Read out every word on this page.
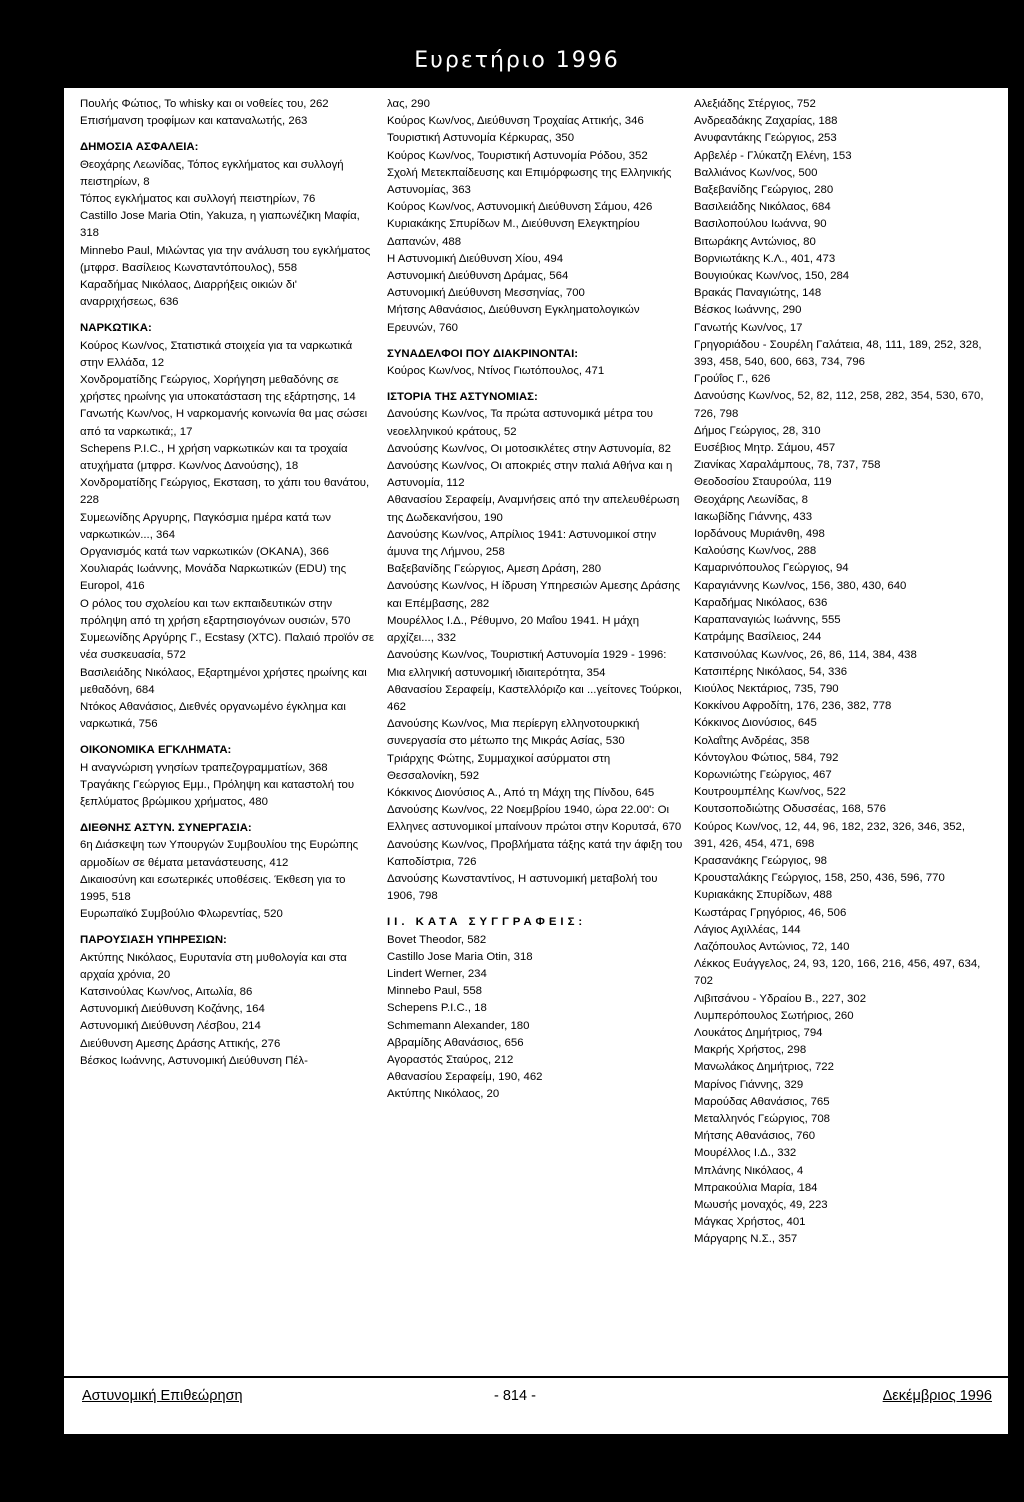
Ευρετήριο 1996

Πουλής Φώτιος, Το whisky και οι νοθείες του, 262

Επισήμανση τροφίμων και καταναλωτής, 263

ΔΗΜΟΣΙΑ ΑΣΦΑΛΕΙΑ:

Θεοχάρης Λεωνίδας, Τόπος εγκλήματος και συλλογή πειστηρίων, 8

Τόπος εγκλήματος και συλλογή πειστηρίων, 76

Castillo Jose Maria Otin, Yakuza, η γιαπωνέζικη Μαφία, 318

Minnebo Paul, Μιλώντας για την ανάλυση του εγκλήματος (μτφρσ. Βασίλειος Κωνσταντόπουλος), 558

Καραδήμας Νικόλαος, Διαρρήξεις οικιών δι' αναρριχήσεως, 636

ΝΑΡΚΩΤΙΚΑ:

Κούρος Κων/νος, Στατιστικά στοιχεία για τα ναρκωτικά στην Ελλάδα, 12

Χονδροματίδης Γεώργιος, Χορήγηση μεθαδόνης σε χρήστες ηρωίνης για υποκατάσταση της εξάρτησης, 14

Γανωτής Κων/νος, Η ναρκομανής κοινωνία θα μας σώσει από τα ναρκωτικά;, 17

Schepens P.I.C., Η χρήση ναρκωτικών και τα τροχαία ατυχήματα (μτφρσ. Κων/νος Δανούσης), 18

Χονδροματίδης Γεώργιος, Εκσταση, το χάπι του θανάτου, 228

Συμεωνίδης Αργυρης, Παγκόσμια ημέρα κατά των ναρκωτικών..., 364

Οργανισμός κατά των ναρκωτικών (ΟΚΑΝΑ), 366

Χουλιαράς Ιωάννης, Μονάδα Ναρκωτικών (EDU) της Europol, 416

Ο ρόλος του σχολείου και των εκπαιδευτικών στην πρόληψη από τη χρήση εξαρτησιογόνων ουσιών, 570

Συμεωνίδης Αργύρης Γ., Ecstasy (XTC). Παλαιό προϊόν σε νέα συσκευασία, 572

Βασιλειάδης Νικόλαος, Εξαρτημένοι χρήστες ηρωίνης και μεθαδόνη, 684

Ντόκος Αθανάσιος, Διεθνές οργανωμένο έγκλημα και ναρκωτικά, 756

ΟΙΚΟΝΟΜΙΚΑ ΕΓΚΛΗΜΑΤΑ:

Η αναγνώριση γνησίων τραπεζογραμματίων, 368

Τραγάκης Γεώργιος Εμμ., Πρόληψη και καταστολή του ξεπλύματος βρώμικου χρήματος, 480

ΔΙΕΘΝΗΣ ΑΣΤΥΝ. ΣΥΝΕΡΓΑΣΙΑ:

6η Διάσκεψη των Υπουργών Συμβουλίου της Ευρώπης αρμοδίων σε θέματα μετανάστευσης, 412

Δικαιοσύνη και εσωτερικές υποθέσεις. Έκθεση για το 1995, 518

Ευρωπαϊκό Συμβούλιο Φλωρεντίας, 520

ΠΑΡΟΥΣΙΑΣΗ ΥΠΗΡΕΣΙΩΝ:

Ακτύπης Νικόλαος, Ευρυτανία στη μυθολογία και στα αρχαία χρόνια, 20

Κατσινούλας Κων/νος, Αιτωλία, 86

Αστυνομική Διεύθυνση Κοζάνης, 164

Αστυνομική Διεύθυνση Λέσβου, 214

Διεύθυνση Αμεσης Δράσης Αττικής, 276

Βέσκος Ιωάννης, Αστυνομική Διεύθυνση Πέλ-

λας, 290

Κούρος Κων/νος, Διεύθυνση Τροχαίας Αττικής, 346

Τουριστική Αστυνομία Κέρκυρας, 350

Κούρος Κων/νος, Τουριστική Αστυνομία Ρόδου, 352

Σχολή Μετεκπαίδευσης και Επιμόρφωσης της Ελληνικής Αστυνομίας, 363

Κούρος Κων/νος, Αστυνομική Διεύθυνση Σάμου, 426

Κυριακάκης Σπυρίδων Μ., Διεύθυνση Ελεγκτηρίου Δαπανών, 488

Η Αστυνομική Διεύθυνση Χίου, 494

Αστυνομική Διεύθυνση Δράμας, 564

Αστυνομική Διεύθυνση Μεσσηνίας, 700

Μήτσης Αθανάσιος, Διεύθυνση Εγκληματολογικών Ερευνών, 760

ΣΥΝΑΔΕΛΦΟΙ ΠΟΥ ΔΙΑΚΡΙΝΟΝΤΑΙ:

Κούρος Κων/νος, Ντίνος Γιωτόπουλος, 471

ΙΣΤΟΡΙΑ ΤΗΣ ΑΣΤΥΝΟΜΙΑΣ:

Δανούσης Κων/νος, Τα πρώτα αστυνομικά μέτρα του νεοελληνικού κράτους, 52

Δανούσης Κων/νος, Οι μοτοσικλέτες στην Αστυνομία, 82

Δανούσης Κων/νος, Οι αποκριές στην παλιά Αθήνα και η Αστυνομία, 112

Αθανασίου Σεραφείμ, Αναμνήσεις από την απελευθέρωση της Δωδεκανήσου, 190

Δανούσης Κων/νος, Απρίλιος 1941: Αστυνομικοί στην άμυνα της Λήμνου, 258

Βαξεβανίδης Γεώργιος, Αμεση Δράση, 280

Δανούσης Κων/νος, Η ίδρυση Υπηρεσιών Αμεσης Δράσης και Επέμβασης, 282

Μουρέλλος Ι.Δ., Ρέθυμνο, 20 Μαΐου 1941. Η μάχη αρχίζει..., 332

Δανούσης Κων/νος, Τουριστική Αστυνομία 1929 - 1996: Μια ελληνική αστυνομική ιδιαιτερότητα, 354

Αθανασίου Σεραφείμ, Καστελλόριζο και ...γείτονες Τούρκοι, 462

Δανούσης Κων/νος, Μια περίεργη ελληνοτουρκική συνεργασία στο μέτωπο της Μικράς Ασίας, 530

Τριάρχης Φώτης, Συμμαχικοί ασύρματοι στη Θεσσαλονίκη, 592

Κόκκινος Διονύσιος Α., Από τη Μάχη της Πίνδου, 645

Δανούσης Κων/νος, 22 Νοεμβρίου 1940, ώρα 22.00': Οι Ελληνες αστυνομικοί μπαίνουν πρώτοι στην Κορυτσά, 670

Δανούσης Κων/νος, Προβλήματα τάξης κατά την άφιξη του Καποδίστρια, 726

Δανούσης Κωνσταντίνος, Η αστυνομική μεταβολή του 1906, 798

ΙΙ. ΚΑΤΑ ΣΥΓΓΡΑΦΕΙΣ:

Bovet Theodor, 582

Castillo Jose Maria Otin, 318

Lindert Werner, 234

Minnebo Paul, 558

Schepens P.I.C., 18

Schmemann Alexander, 180

Αβραμίδης Αθανάσιος, 656

Αγοραστός Σταύρος, 212

Αθανασίου Σεραφείμ, 190, 462

Ακτύπης Νικόλαος, 20

Αλεξιάδης Στέργιος, 752

Ανδρεαδάκης Ζαχαρίας, 188

Ανυφαντάκης Γεώργιος, 253

Αρβελέρ - Γλύκατζη Ελένη, 153

Βαλλιάνος Κων/νος, 500

Βαξεβανίδης Γεώργιος, 280

Βασιλειάδης Νικόλαος, 684

Βασιλοπούλου Ιωάννα, 90

Βιτωράκης Αντώνιος, 80

Βορνιωτάκης Κ.Λ., 401, 473

Βουγιούκας Κων/νος, 150, 284

Βρακάς Παναγιώτης, 148

Βέσκος Ιωάννης, 290

Γανωτής Κων/νος, 17

Γρηγοριάδου - Σουρέλη Γαλάτεια, 48, 111, 189, 252, 328, 393, 458, 540, 600, 663, 734, 796

Γρούΐος Γ., 626

Δανούσης Κων/νος, 52, 82, 112, 258, 282, 354, 530, 670, 726, 798

Δήμος Γεώργιος, 28, 310

Ευσέβιος Μητρ. Σάμου, 457

Ζιανίκας Χαραλάμπους, 78, 737, 758

Θεοδοσίου Σταυρούλα, 119

Θεοχάρης Λεωνίδας, 8

Ιακωβίδης Γιάννης, 433

Ιορδάνους Μυριάνθη, 498

Καλούσης Κων/νος, 288

Καμαρινόπουλος Γεώργιος, 94

Καραγιάννης Κων/νος, 156, 380, 430, 640

Καραδήμας Νικόλαος, 636

Καραπαναγιώς Ιωάννης, 555

Κατράμης Βασίλειος, 244

Κατσινούλας Κων/νος, 26, 86, 114, 384, 438

Κατσιπέρης Νικόλαος, 54, 336

Κιούλος Νεκτάριος, 735, 790

Κοκκίνου Αφροδίτη, 176, 236, 382, 778

Κόκκινος Διονύσιος, 645

Κολαΐτης Ανδρέας, 358

Κόντογλου Φώτιος, 584, 792

Κορωνιώτης Γεώργιος, 467

Κουτρουμπέλης Κων/νος, 522

Κουτσοποδιώτης Οδυσσέας, 168, 576

Κούρος Κων/νος, 12, 44, 96, 182, 232, 326, 346, 352, 391, 426, 454, 471, 698

Κρασανάκης Γεώργιος, 98

Κρουσταλάκης Γεώργιος, 158, 250, 436, 596, 770

Κυριακάκης Σπυρίδων, 488

Κωστάρας Γρηγόριος, 46, 506

Λάγιος Αχιλλέας, 144

Λαζόπουλος Αντώνιος, 72, 140

Λέκκος Ευάγγελος, 24, 93, 120, 166, 216, 456, 497, 634, 702

Λιβιτσάνου - Υδραίου Β., 227, 302

Λυμπερόπουλος Σωτήριος, 260

Λουκάτος Δημήτριος, 794

Μακρής Χρήστος, 298

Μανωλάκος Δημήτριος, 722

Μαρίνος Γιάννης, 329

Μαρούδας Αθανάσιος, 765

Μεταλληνός Γεώργιος, 708

Μήτσης Αθανάσιος, 760

Μουρέλλος Ι.Δ., 332

Μπλάνης Νικόλαος, 4

Μπρακούλια Μαρία, 184

Μωυσής μοναχός, 49, 223

Μάγκας Χρήστος, 401

Μάργαρης Ν.Σ., 357

Αστυνομική Επιθεώρηση	- 814 -	Δεκέμβριος 1996
